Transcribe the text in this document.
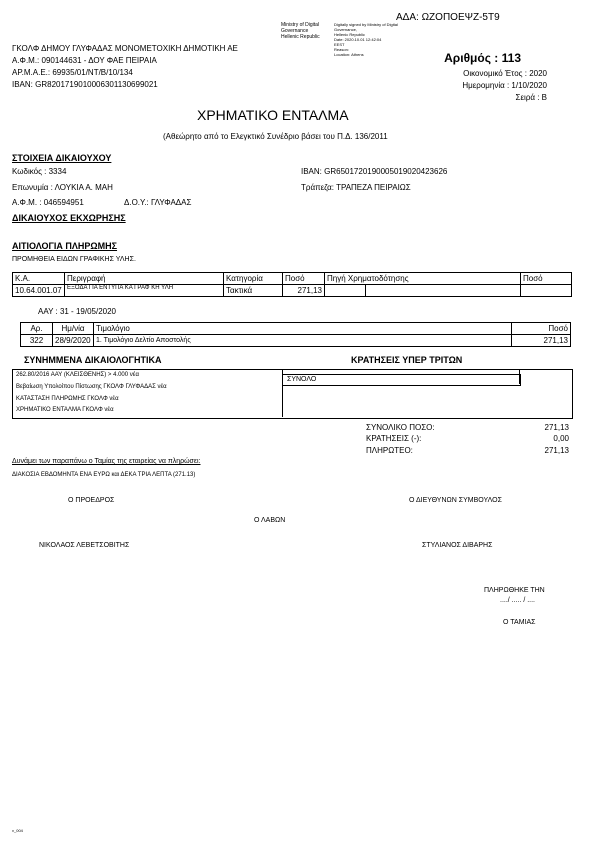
ΑΔΑ: ΩΖΟΠΟΕΨΖ-5Τ9
Ministry of Digital
Governance
Hellenic Republic
Digitally signed by Ministry of Digital
Governance,
Hellenic Republic
Date: 2020.10.01 12:42:04
EEST
Reason:
Location: Athens
ΓΚΟΛΦ ΔΗΜΟΥ ΓΛΥΦΑΔΑΣ ΜΟΝΟΜΕΤΟΧΙΚΗ ΔΗΜΟΤΙΚΗ ΑΕ
Α.Φ.Μ.: 090144631 - ΔΟΥ ΦΑΕ ΠΕΙΡΑΙΑ
ΑΡ.Μ.Α.Ε.: 69935/01/ΝΤ/Β/10/134
IBAN: GR8201719010006301130699021
Αριθμός : 113
Οικονομικό Έτος : 2020
Ημερομηνία : 1/10/2020
Σειρά : Β
ΧΡΗΜΑΤΙΚΟ ΕΝΤΑΛΜΑ
(Αθεώρητο από το Ελεγκτικό Συνέδριο βάσει του Π.Δ. 136/2011
ΣΤΟΙΧΕΙΑ ΔΙΚΑΙΟΥΧΟΥ
Κωδικός : 3334
Επωνυμία : ΛΟΥΚΙΑ Α. ΜΑΗ
Α.Φ.Μ. : 046594951	Δ.Ο.Υ.: ΓΛΥΦΑΔΑΣ
IBAN: GR6501720190005019020423626
Τράπεζα: ΤΡΑΠΕΖΑ ΠΕΙΡΑΙΩΣ
ΔΙΚΑΙΟΥΧΟΣ ΕΚΧΩΡΗΣΗΣ
ΑΙΤΙΟΛΟΓΙΑ ΠΛΗΡΩΜΗΣ
ΠΡΟΜΗΘΕΙΑ ΕΙΔΩΝ ΓΡΑΦΙΚΗΣ ΥΛΗΣ.
Κ.Α.	Περιγραφή	Κατηγορία	Ποσό	Πηγή Χρηματοδότησης		Ποσό
10.64.001.07	ΕΞΟΔΑ ΓΙΑ ΕΝΤΥΠΑ ΚΑ ΓΡΑΦ ΚΗ ΥΛΗ	Τακτικά	271,13			
ΑΑΥ : 31 - 19/05/2020
Αρ.	Ημ/νία	Τιμολόγιο	Ποσό
322	28/9/2020	1. Τιμολόγιο Δελτίο Αποστολής	271,13
ΣΥΝΗΜΜΕΝΑ ΔΙΚΑΙΟΛΟΓΗΤΙΚΑ	ΚΡΑΤΗΣΕΙΣ ΥΠΕΡ ΤΡΙΤΩΝ
ΣΥΝΟΛΟ
262.80/2016 ΑΑΥ (ΚΛΕΙΣΘΕΝΗΣ) > 4.000 νέα
Βεβαίωση Υπολοίπου Πίστωσης ΓΚΟΛΦ ΓΛΥΦΑΔΑΣ νέα
ΚΑΤΑΣΤΑΣΗ ΠΛΗΡΩΜΗΣ ΓΚΟΛΦ νέα
ΧΡΗΜΑΤΙΚΟ ΕΝΤΑΛΜΑ ΓΚΟΛΦ νέα
ΣΥΝΟΛΙΚΟ ΠΟΣΟ:	271,13
ΚΡΑΤΗΣΕΙΣ (-):	0,00
ΠΛΗΡΩΤΕΟ:	271,13
Δυνάμει των παραπάνω ο Ταμίας της εταιρείας να πληρώσει:
ΔΙΑΚΟΣΙΑ ΕΒΔΟΜΗΝΤΑ ΕΝΑ ΕΥΡΩ και ΔΕΚΑ ΤΡΙΑ ΛΕΠΤΑ (271.13)
Ο ΠΡΟΕΔΡΟΣ	Ο ΔΙΕΥΘΥΝΩΝ ΣΥΜΒΟΥΛΟΣ
Ο ΛΑΒΩΝ
ΝΙΚΟΛΑΟΣ ΛΕΒΕΤΣΟΒΙΤΗΣ	ΣΤΥΛΙΑΝΟΣ ΔΙΒΑΡΗΣ
ΠΛΗΡΩΘΗΚΕ ΤΗΝ
..../ ..... / ....
Ο ΤΑΜΙΑΣ
v_004
